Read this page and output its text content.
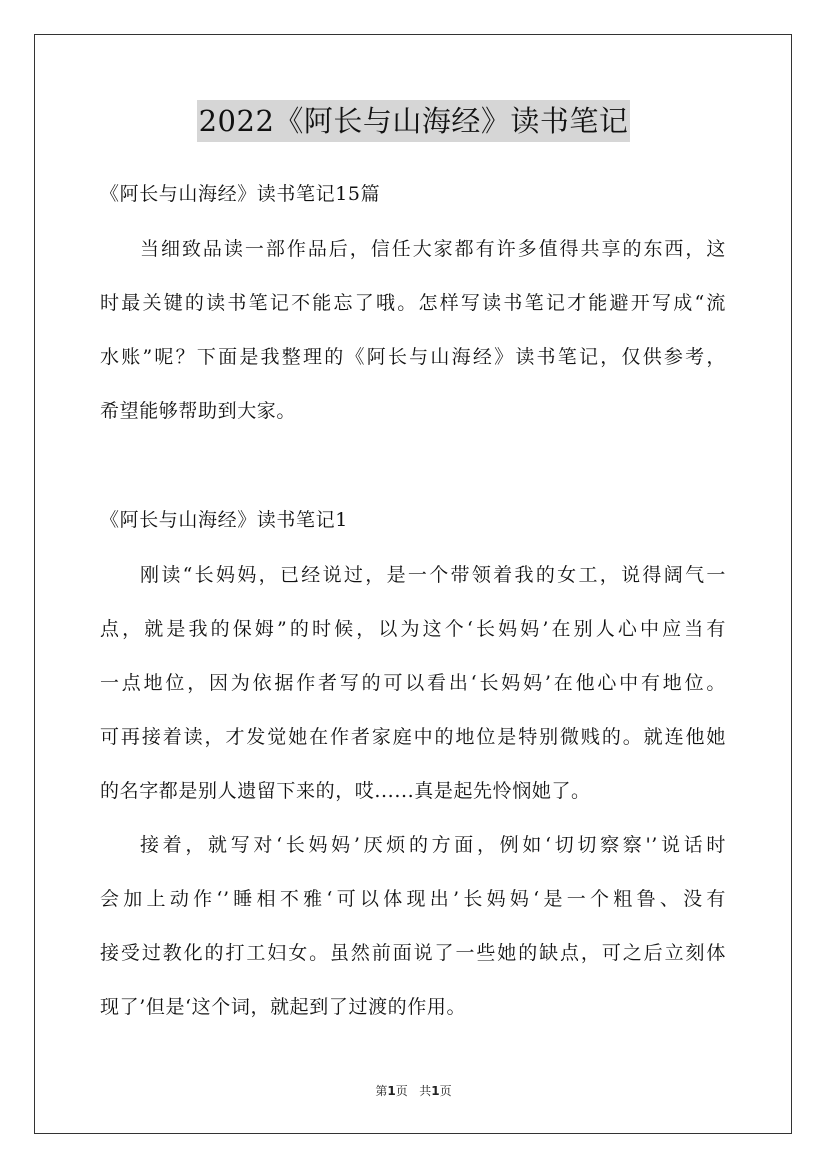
2022《阿长与山海经》读书笔记
《阿长与山海经》读书笔记15篇
当细致品读一部作品后，信任大家都有许多值得共享的东西，这
时最关键的读书笔记不能忘了哦。怎样写读书笔记才能避开写成“流
水账”呢？下面是我整理的《阿长与山海经》读书笔记，仅供参考，
希望能够帮助到大家。
《阿长与山海经》读书笔记1
刚读“长妈妈，已经说过，是一个带领着我的女工，说得阔气一
点，就是我的保姆”的时候，以为这个‘长妈妈’在别人心中应当有
一点地位，因为依据作者写的可以看出‘长妈妈’在他心中有地位。
可再接着读，才发觉她在作者家庭中的地位是特别微贱的。就连他她
的名字都是别人遗留下来的，哎......真是起先怜悯她了。
接着，就写对‘长妈妈’厌烦的方面，例如‘切切察察'’说话时
会加上动作‘’睡相不雅‘可以体现出’长妈妈‘是一个粗鲁、没有
接受过教化的打工妇女。虽然前面说了一些她的缺点，可之后立刻体
现了’但是‘这个词，就起到了过渡的作用。
第1页   共1页
